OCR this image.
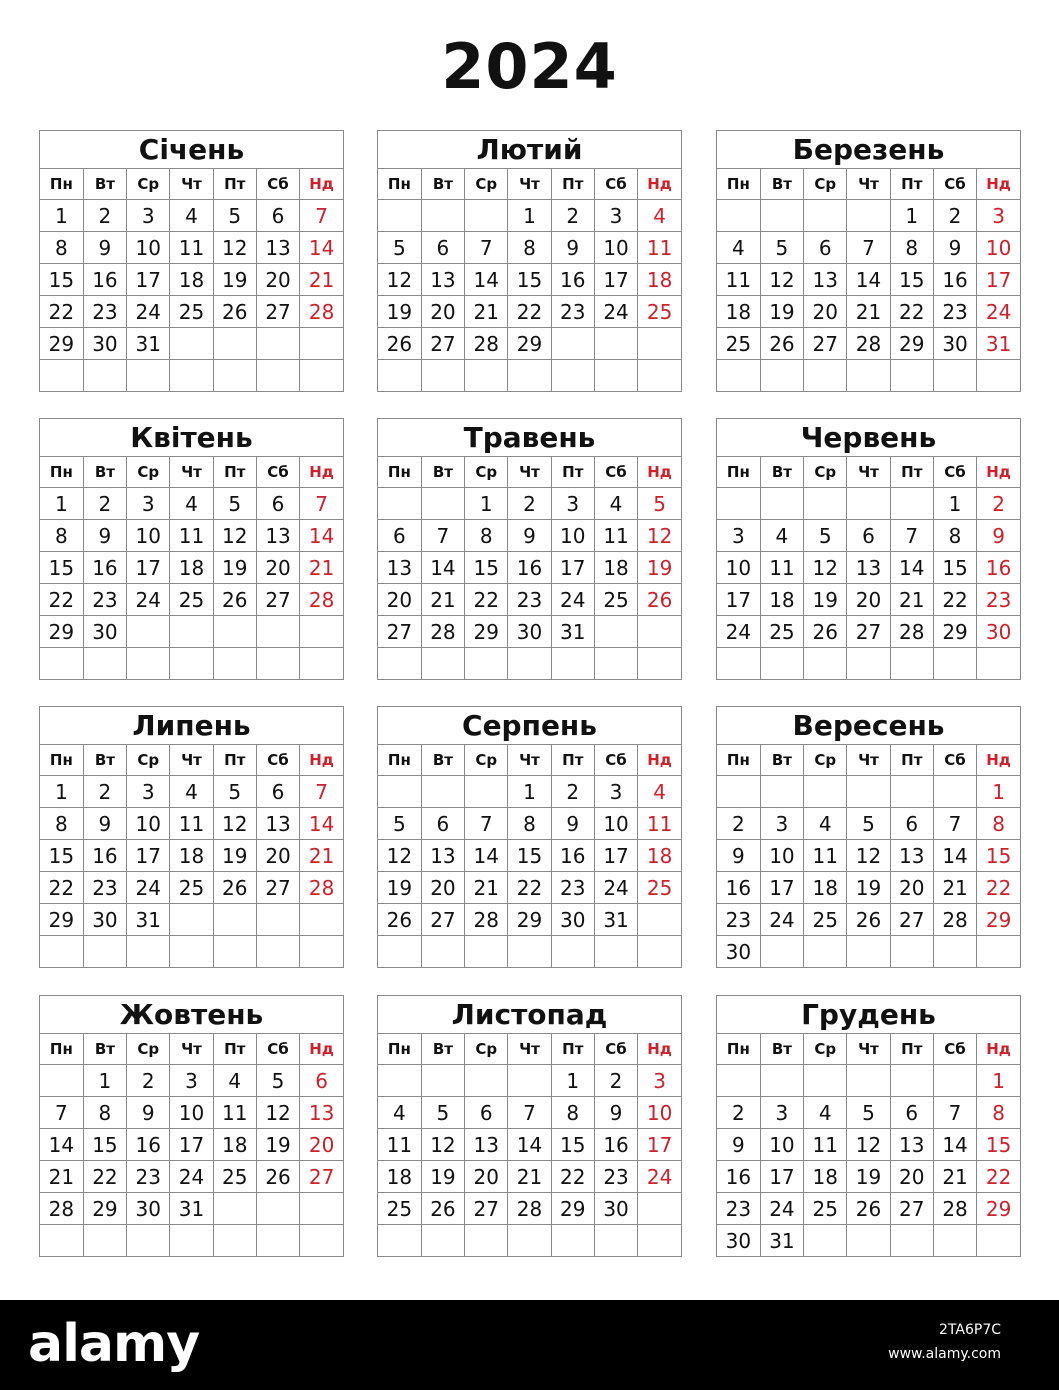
2024
Січень
Пн	Вт	Ср	Чт	Пт	Сб	Нд
1	2	3	4	5	6	7
8	9	10	11	12	13	14
15	16	17	18	19	20	21
22	23	24	25	26	27	28
29	30	31				

Лютий
Пн	Вт	Ср	Чт	Пт	Сб	Нд
			1	2	3	4
5	6	7	8	9	10	11
12	13	14	15	16	17	18
19	20	21	22	23	24	25
26	27	28	29			

Березень
Пн	Вт	Ср	Чт	Пт	Сб	Нд
				1	2	3
4	5	6	7	8	9	10
11	12	13	14	15	16	17
18	19	20	21	22	23	24
25	26	27	28	29	30	31

Квітень
Пн	Вт	Ср	Чт	Пт	Сб	Нд
1	2	3	4	5	6	7
8	9	10	11	12	13	14
15	16	17	18	19	20	21
22	23	24	25	26	27	28
29	30					

Травень
Пн	Вт	Ср	Чт	Пт	Сб	Нд
		1	2	3	4	5
6	7	8	9	10	11	12
13	14	15	16	17	18	19
20	21	22	23	24	25	26
27	28	29	30	31		

Червень
Пн	Вт	Ср	Чт	Пт	Сб	Нд
					1	2
3	4	5	6	7	8	9
10	11	12	13	14	15	16
17	18	19	20	21	22	23
24	25	26	27	28	29	30

Липень
Пн	Вт	Ср	Чт	Пт	Сб	Нд
1	2	3	4	5	6	7
8	9	10	11	12	13	14
15	16	17	18	19	20	21
22	23	24	25	26	27	28
29	30	31				

Серпень
Пн	Вт	Ср	Чт	Пт	Сб	Нд
			1	2	3	4
5	6	7	8	9	10	11
12	13	14	15	16	17	18
19	20	21	22	23	24	25
26	27	28	29	30	31	

Вересень
Пн	Вт	Ср	Чт	Пт	Сб	Нд
						1
2	3	4	5	6	7	8
9	10	11	12	13	14	15
16	17	18	19	20	21	22
23	24	25	26	27	28	29
30						
Жовтень
Пн	Вт	Ср	Чт	Пт	Сб	Нд
	1	2	3	4	5	6
7	8	9	10	11	12	13
14	15	16	17	18	19	20
21	22	23	24	25	26	27
28	29	30	31			

Листопад
Пн	Вт	Ср	Чт	Пт	Сб	Нд
				1	2	3
4	5	6	7	8	9	10
11	12	13	14	15	16	17
18	19	20	21	22	23	24
25	26	27	28	29	30	

Грудень
Пн	Вт	Ср	Чт	Пт	Сб	Нд
						1
2	3	4	5	6	7	8
9	10	11	12	13	14	15
16	17	18	19	20	21	22
23	24	25	26	27	28	29
30	31					
alamy	2TA6P7C
www.alamy.com
